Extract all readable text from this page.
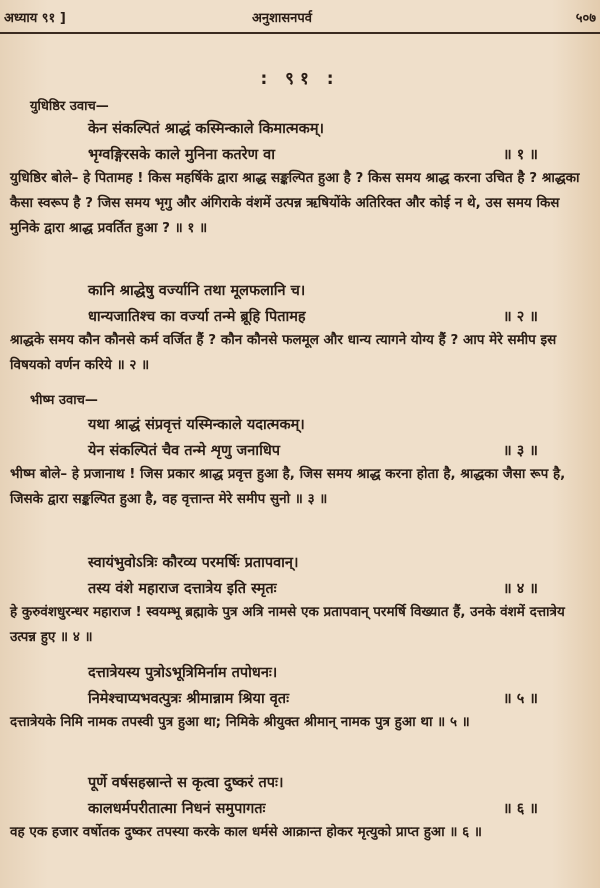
अध्याय ९१ ]	अनुशासनपर्व	५०७
: ९१ :
युधिष्ठिर उवाच—
केन संकल्पितं श्राद्धं कस्मिन्काले किमात्मकम्।
भृग्वङ्गिरसके काले मुनिना कतरेण वा	॥ १ ॥
युधिष्ठिर बोले– हे पितामह ! किस महर्षिके द्वारा श्राद्ध सङ्कल्पित हुआ है ? किस समय श्राद्ध करना उचित है ? श्राद्धका कैसा स्वरूप है ? जिस समय भृगु और अंगिराके वंशमें उत्पन्न ऋषियोंके अतिरिक्त और कोई न थे, उस समय किस मुनिके द्वारा श्राद्ध प्रवर्तित हुआ ? ॥ १ ॥
कानि श्राद्धेषु वर्ज्यानि तथा मूलफलानि च।
धान्यजातिश्च का वर्ज्या तन्मे ब्रूहि पितामह	॥ २ ॥
श्राद्धके समय कौन कौनसे कर्म वर्जित हैं ? कौन कौनसे फलमूल और धान्य त्यागने योग्य हैं ? आप मेरे समीप इस विषयको वर्णन करिये ॥ २ ॥
भीष्म उवाच—
यथा श्राद्धं संप्रवृत्तं यस्मिन्काले यदात्मकम्।
येन संकल्पितं चैव तन्मे शृणु जनाधिप	॥ ३ ॥
भीष्म बोले– हे प्रजानाथ ! जिस प्रकार श्राद्ध प्रवृत्त हुआ है, जिस समय श्राद्ध करना होता है, श्राद्धका जैसा रूप है, जिसके द्वारा सङ्कल्पित हुआ है, वह वृत्तान्त मेरे समीप सुनो ॥ ३ ॥
स्वायंभुवोऽत्रिः कौरव्य परमर्षिः प्रतापवान्।
तस्य वंशे महाराज दत्तात्रेय इति स्मृतः	॥ ४ ॥
हे कुरुवंशधुरन्धर महाराज ! स्वयम्भू ब्रह्माके पुत्र अत्रि नामसे एक प्रतापवान् परमर्षि विख्यात हैं, उनके वंशमें दत्तात्रेय उत्पन्न हुए ॥ ४ ॥
दत्तात्रेयस्य पुत्रोऽभूत्रिमिर्नाम तपोधनः।
निमेश्चाप्यभवत्पुत्रः श्रीमान्नाम श्रिया वृतः	॥ ५ ॥
दत्तात्रेयके निमि नामक तपस्वी पुत्र हुआ था; निमिके श्रीयुक्त श्रीमान् नामक पुत्र हुआ था ॥ ५ ॥
पूर्णे वर्षसहस्रान्ते स कृत्वा दुष्करं तपः।
कालधर्मपरीतात्मा निधनं समुपागतः	॥ ६ ॥
वह एक हजार वर्षोतक दुष्कर तपस्या करके काल धर्मसे आक्रान्त होकर मृत्युको प्राप्त हुआ ॥ ६ ॥
